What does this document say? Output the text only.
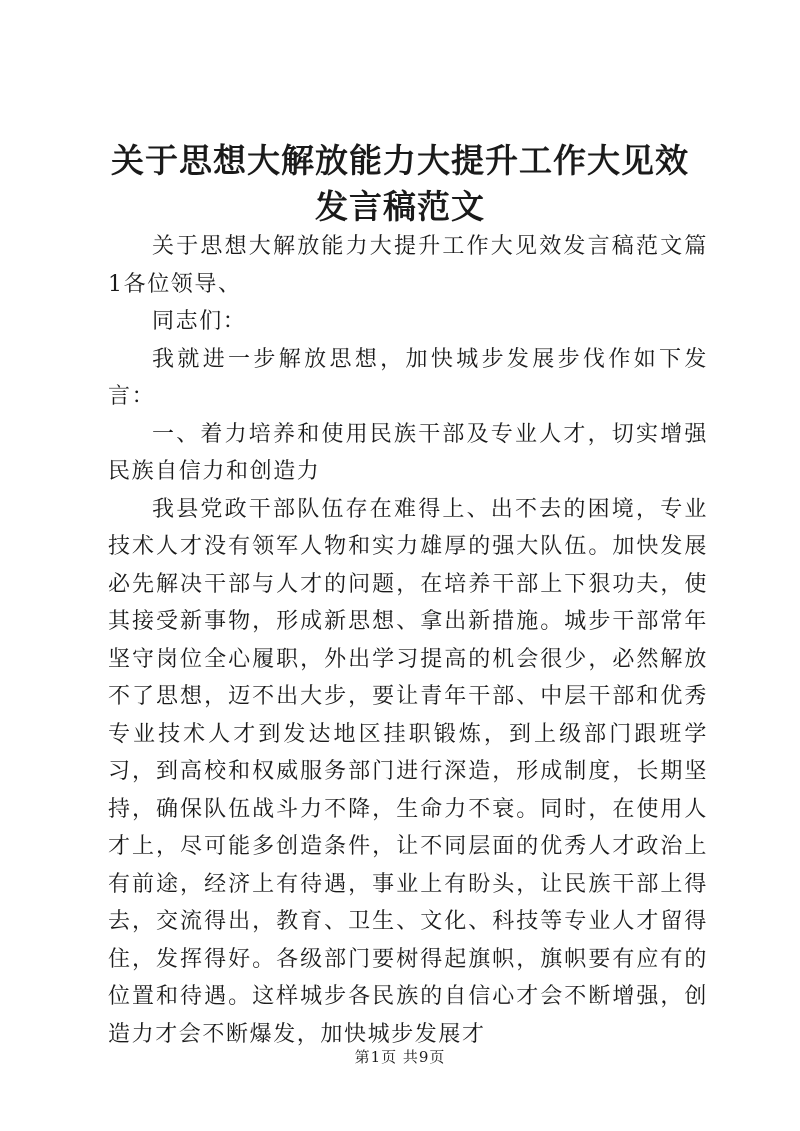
关于思想大解放能力大提升工作大见效发言稿范文

关于思想大解放能力大提升工作大见效发言稿范文篇1各位领导、

同志们：

我就进一步解放思想，加快城步发展步伐作如下发言：

一、着力培养和使用民族干部及专业人才，切实增强民族自信力和创造力

我县党政干部队伍存在难得上、出不去的困境，专业技术人才没有领军人物和实力雄厚的强大队伍。加快发展必先解决干部与人才的问题，在培养干部上下狠功夫，使其接受新事物，形成新思想、拿出新措施。城步干部常年坚守岗位全心履职，外出学习提高的机会很少，必然解放不了思想，迈不出大步，要让青年干部、中层干部和优秀专业技术人才到发达地区挂职锻炼，到上级部门跟班学习，到高校和权威服务部门进行深造，形成制度，长期坚持，确保队伍战斗力不降，生命力不衰。同时，在使用人才上，尽可能多创造条件，让不同层面的优秀人才政治上有前途，经济上有待遇，事业上有盼头，让民族干部上得去，交流得出，教育、卫生、文化、科技等专业人才留得住，发挥得好。各级部门要树得起旗帜，旗帜要有应有的位置和待遇。这样城步各民族的自信心才会不断增强，创造力才会不断爆发，加快城步发展才

第1页 共9页
